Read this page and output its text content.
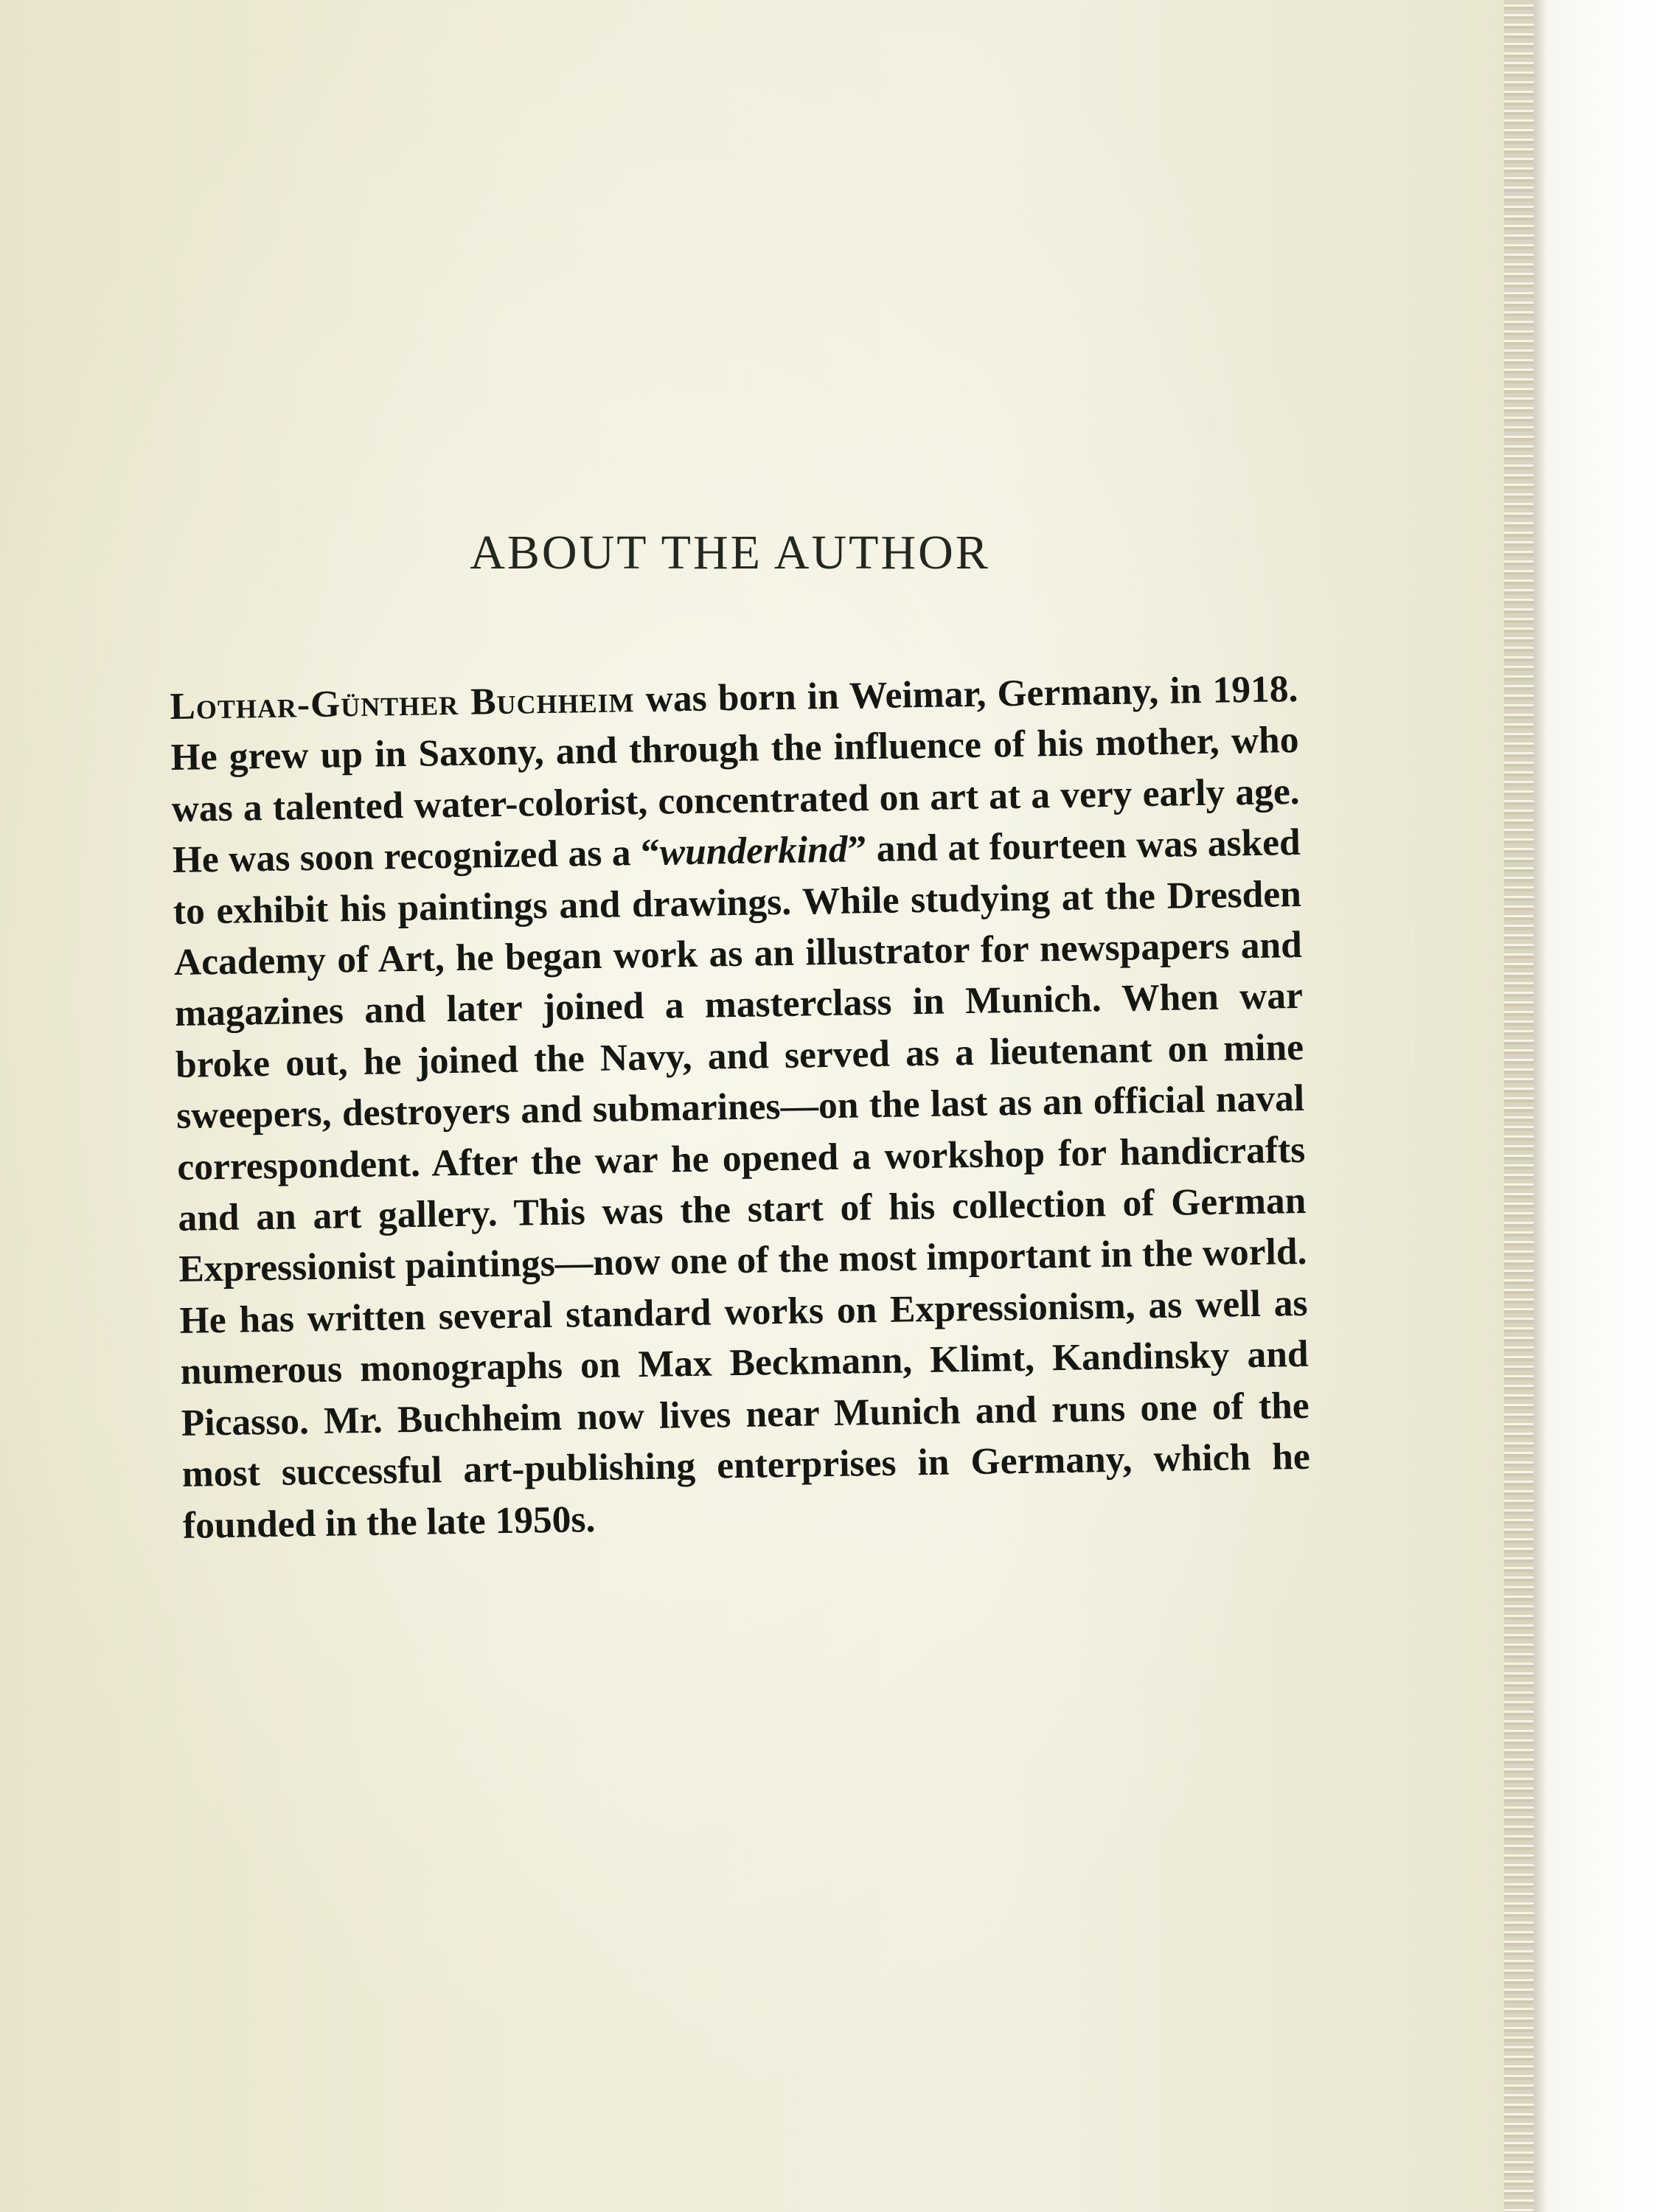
ABOUT THE AUTHOR

Lothar-Günther Buchheim was born in Weimar, Germany, in 1918. He grew up in Saxony, and through the influence of his mother, who was a talented water-colorist, concentrated on art at a very early age. He was soon recognized as a “wunderkind” and at fourteen was asked to exhibit his paintings and drawings. While studying at the Dresden Academy of Art, he began work as an illustrator for newspapers and magazines and later joined a masterclass in Munich. When war broke out, he joined the Navy, and served as a lieutenant on mine sweepers, destroyers and submarines—on the last as an official naval correspondent. After the war he opened a workshop for handicrafts and an art gallery. This was the start of his collection of German Expressionist paintings—now one of the most important in the world. He has written several standard works on Expressionism, as well as numerous monographs on Max Beckmann, Klimt, Kandinsky and Picasso. Mr. Buchheim now lives near Munich and runs one of the most successful art-publishing enterprises in Germany, which he founded in the late 1950s.
